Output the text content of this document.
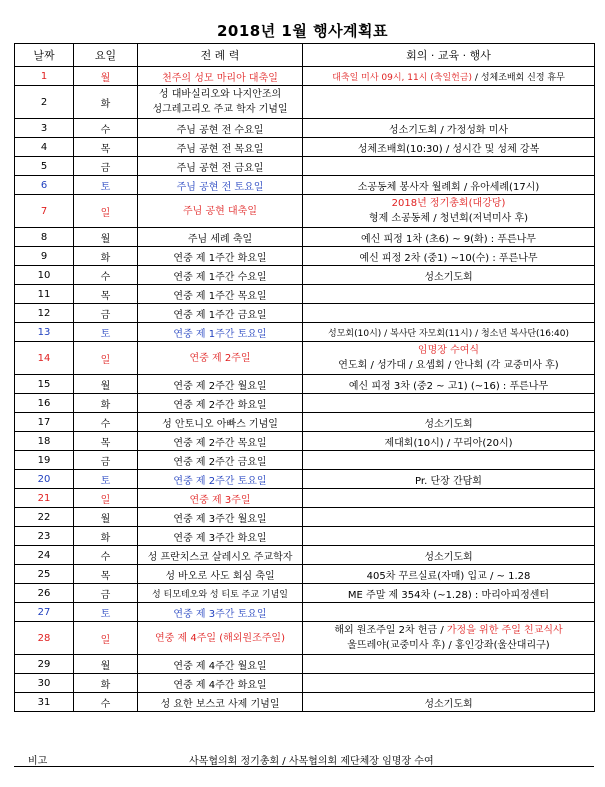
2018년 1월 행사계획표
날짜	요일	전 례 력	회의 · 교육 · 행사
1	월	천주의 성모 마리아 대축일	대축일 미사 09시, 11시 (축일헌금) / 성체조배회 신정 휴무

2	화	성 대바실리오와 나지안조의
성그레고리오 주교 학자 기념일	

3	수	주님 공현 전 수요일	성소기도회 / 가정성화 미사

4	목	주님 공현 전 목요일	성체조배회(10:30) / 성시간 및 성체 강복

5	금	주님 공현 전 금요일	

6	토	주님 공현 전 토요일	소공동체 봉사자 월례회 / 유아세례(17시)

7	일	주님 공현 대축일	2018년 정기총회(대강당)
형제 소공동체 / 청년회(저녁미사 후)

8	월	주님 세례 축일	예신 피정 1차 (초6) ~ 9(화) : 푸른나무

9	화	연중 제 1주간 화요일	예신 피정 2차 (중1) ~10(수) : 푸른나무

10	수	연중 제 1주간 수요일	성소기도회

11	목	연중 제 1주간 목요일	

12	금	연중 제 1주간 금요일	

13	토	연중 제 1주간 토요일	성모회(10시) / 복사단 자모회(11시) / 청소년 복사단(16:40)

14	일	연중 제 2주일	임명장 수여식
연도회 / 성가대 / 요셉회 / 안나회 (각 교중미사 후)

15	월	연중 제 2주간 월요일	예신 피정 3차 (중2 ~ 고1) (~16) : 푸른나무

16	화	연중 제 2주간 화요일	

17	수	성 안토니오 아빠스 기념일	성소기도회

18	목	연중 제 2주간 목요일	제대회(10시) / 꾸리아(20시)

19	금	연중 제 2주간 금요일	

20	토	연중 제 2주간 토요일	Pr. 단장 간담회

21	일	연중 제 3주일	

22	월	연중 제 3주간 월요일	

23	화	연중 제 3주간 화요일	

24	수	성 프란치스코 살레시오 주교학자	성소기도회

25	목	성 바오로 사도 회심 축일	405차 꾸르실료(자매) 입교 / ~ 1.28

26	금	성 티모테오와 성 티토 주교 기념일	ME 주말 제 354차 (~1.28) : 마리아피정센터

27	토	연중 제 3주간 토요일	

28	일	연중 제 4주일 (해외원조주일)	해외 원조주일 2차 헌금 / 가정을 위한 주일 친교식사
울뜨레야(교중미사 후) / 홍인강좌(울산대리구)

29	월	연중 제 4주간 월요일	

30	화	연중 제 4주간 화요일	

31	수	성 요한 보스코 사제 기념일	성소기도회
비고	사목협의회 정기총회 / 사목협의회 제단체장 임명장 수여
